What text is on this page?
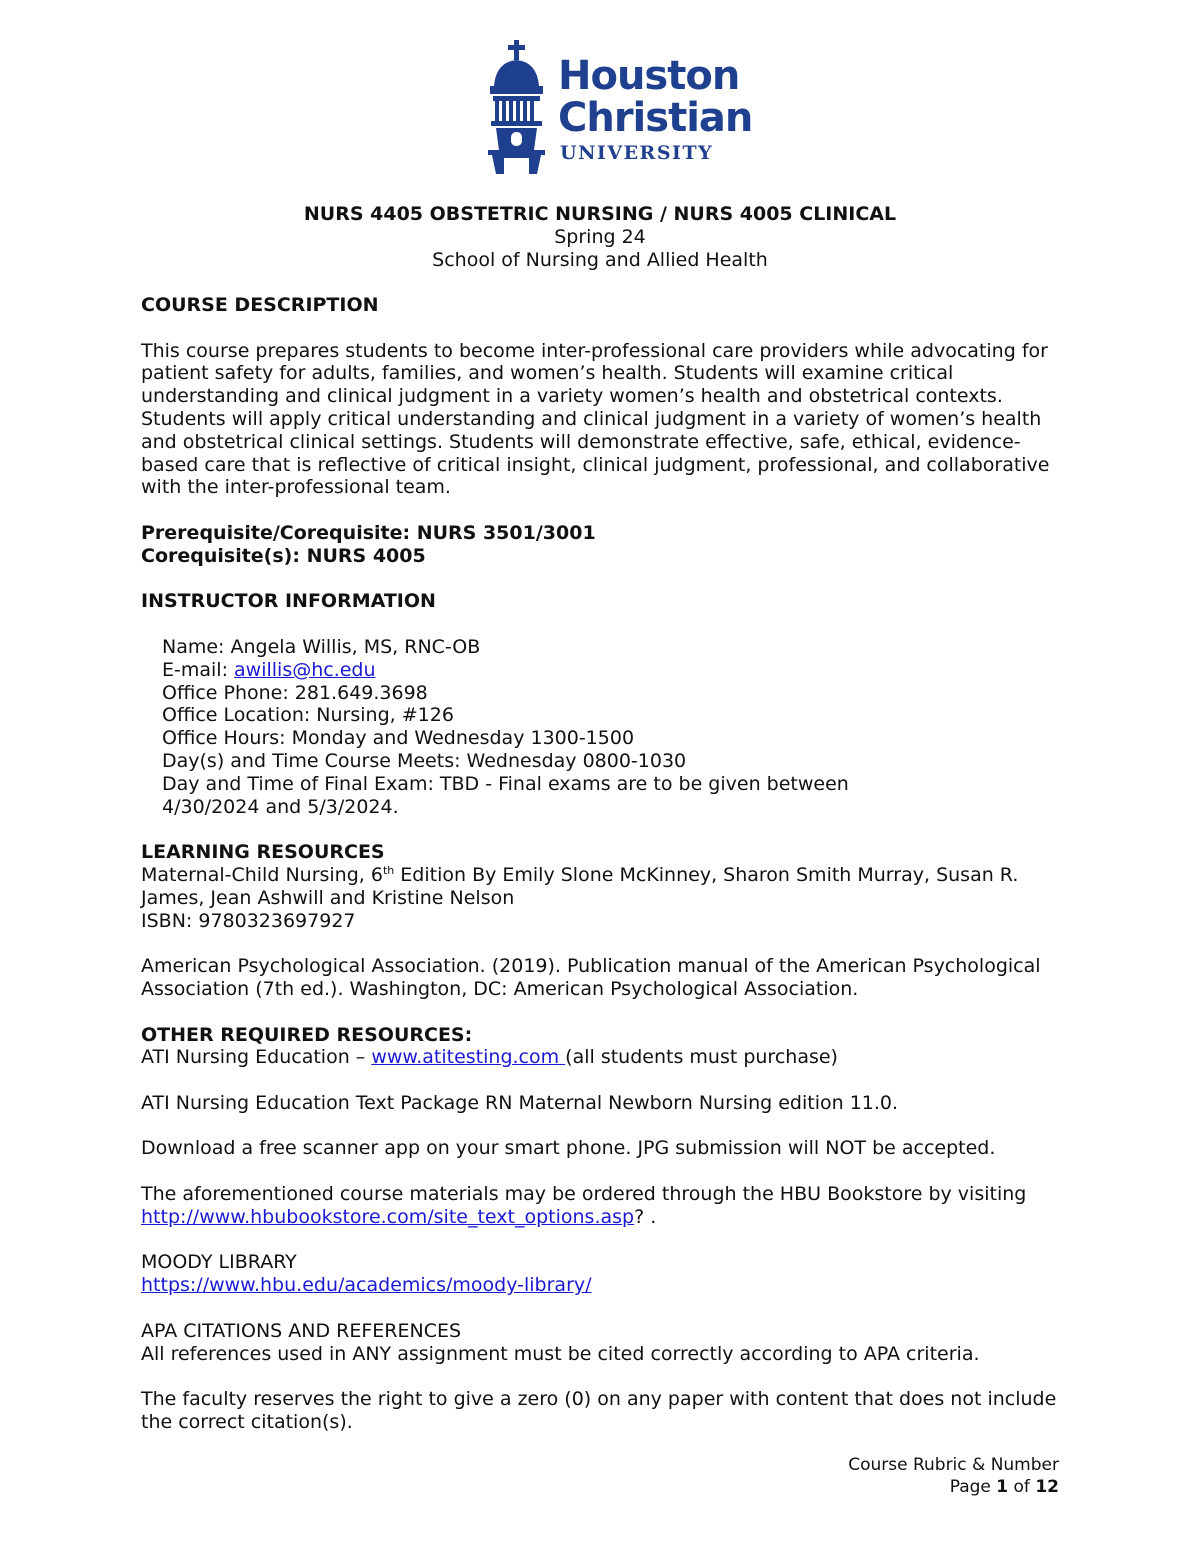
Houston
Christian
UNIVERSITY
NURS 4405 OBSTETRIC NURSING / NURS 4005 CLINICAL
Spring 24
School of Nursing and Allied Health

COURSE DESCRIPTION

This course prepares students to become inter-professional care providers while advocating for patient safety for adults, families, and women’s health. Students will examine critical understanding and clinical judgment in a variety women’s health and obstetrical contexts. Students will apply critical understanding and clinical judgment in a variety of women’s health and obstetrical clinical settings. Students will demonstrate effective, safe, ethical, evidence-based care that is reflective of critical insight, clinical judgment, professional, and collaborative with the inter-professional team.

Prerequisite/Corequisite: NURS 3501/3001

Corequisite(s): NURS 4005

INSTRUCTOR INFORMATION

Name: Angela Willis, MS, RNC-OB

E-mail: awillis@hc.edu

Office Phone: 281.649.3698

Office Location: Nursing, #126

Office Hours: Monday and Wednesday 1300-1500

Day(s) and Time Course Meets: Wednesday 0800-1030

Day and Time of Final Exam: TBD - Final exams are to be given between

4/30/2024 and 5/3/2024.

LEARNING RESOURCES

Maternal-Child Nursing, 6th Edition By Emily Slone McKinney, Sharon Smith Murray, Susan R. James, Jean Ashwill and Kristine Nelson

ISBN: 9780323697927

American Psychological Association. (2019). Publication manual of the American Psychological Association (7th ed.). Washington, DC: American Psychological Association.

OTHER REQUIRED RESOURCES:

ATI Nursing Education – www.atitesting.com (all students must purchase)

ATI Nursing Education Text Package RN Maternal Newborn Nursing edition 11.0.

Download a free scanner app on your smart phone. JPG submission will NOT be accepted.

The aforementioned course materials may be ordered through the HBU Bookstore by visiting http://www.hbubookstore.com/site_text_options.asp? .

MOODY LIBRARY

https://www.hbu.edu/academics/moody-library/

APA CITATIONS AND REFERENCES

All references used in ANY assignment must be cited correctly according to APA criteria.

The faculty reserves the right to give a zero (0) on any paper with content that does not include the correct citation(s).

Course Rubric & Number
Page 1 of 12
